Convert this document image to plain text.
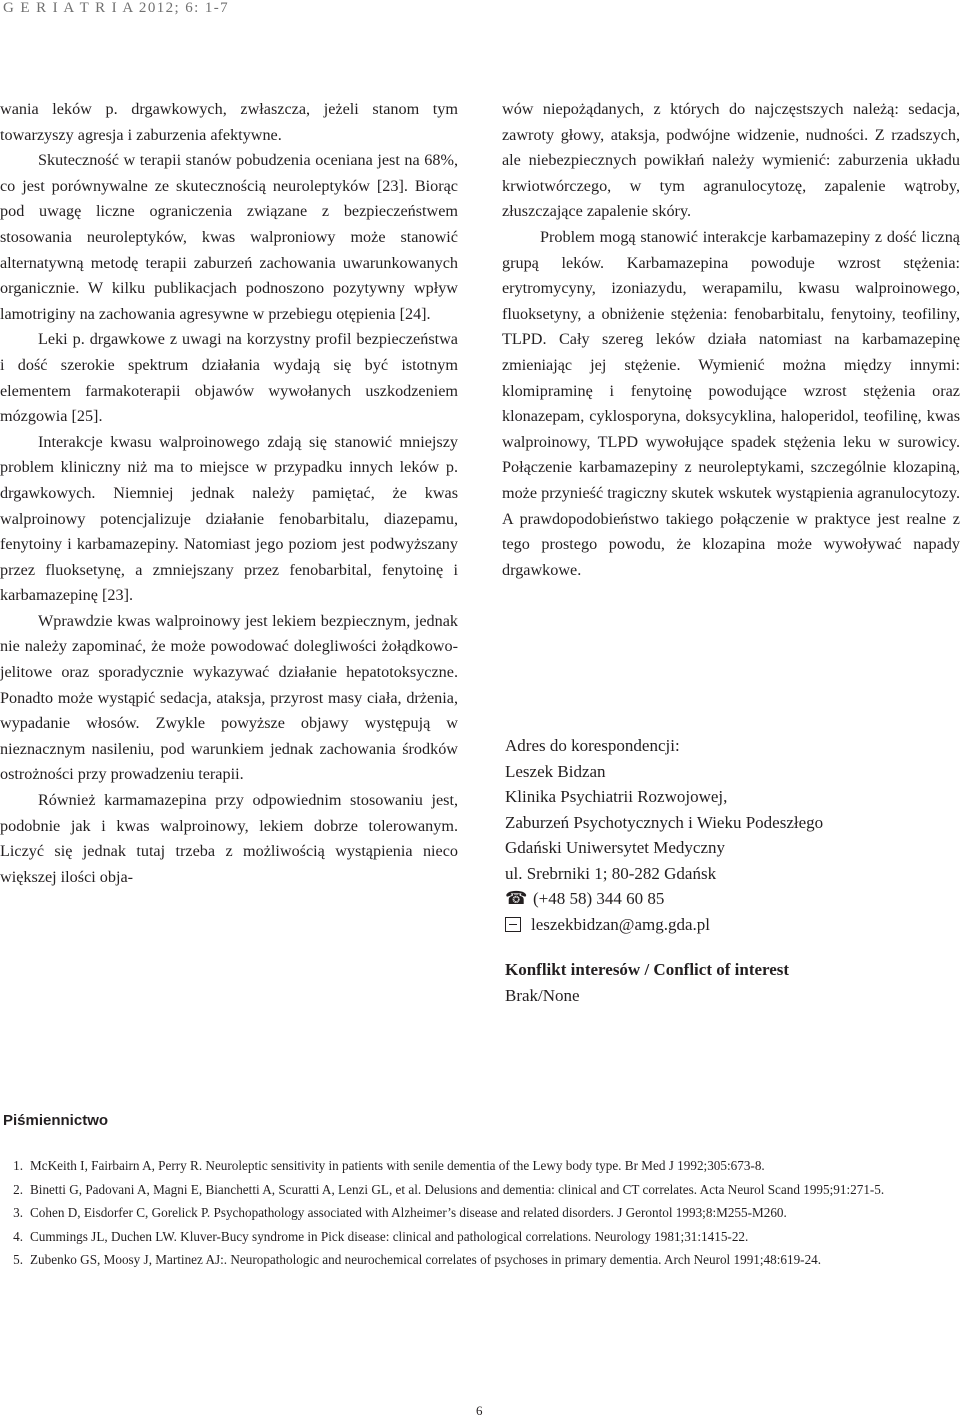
G E R I A T R I A 2012; 6: 1-7

wania leków p. drgawkowych, zwłaszcza, jeżeli stanom tym towarzyszy agresja i zaburzenia afektywne.

Skuteczność w terapii stanów pobudzenia oceniana jest na 68%, co jest porównywalne ze skutecznością neuroleptyków [23]. Biorąc pod uwagę liczne ograniczenia związane z bezpieczeństwem stosowania neuroleptyków, kwas walproniowy może stanowić alternatywną metodę terapii zaburzeń zachowania uwarunkowanych organicznie. W kilku publikacjach podnoszono pozytywny wpływ lamotriginy na zachowania agresywne w przebiegu otępienia [24].

Leki p. drgawkowe z uwagi na korzystny profil bezpieczeństwa i dość szerokie spektrum działania wydają się być istotnym elementem farmakoterapii objawów wywołanych uszkodzeniem mózgowia [25].

Interakcje kwasu walproinowego zdają się stanowić mniejszy problem kliniczny niż ma to miejsce w przypadku innych leków p. drgawkowych. Niemniej jednak należy pamiętać, że kwas walproinowy potencjalizuje działanie fenobarbitalu, diazepamu, fenytoiny i karbamazepiny. Natomiast jego poziom jest podwyższany przez fluoksetynę, a zmniejszany przez fenobarbital, fenytoinę i karbamazepinę [23].

Wprawdzie kwas walproinowy jest lekiem bezpiecznym, jednak nie należy zapominać, że może powodować dolegliwości żołądkowo-jelitowe oraz sporadycznie wykazywać działanie hepatotoksyczne. Ponadto może wystąpić sedacja, ataksja, przyrost masy ciała, drżenia, wypadanie włosów. Zwykle powyższe objawy występują w nieznacznym nasileniu, pod warunkiem jednak zachowania środków ostrożności przy prowadzeniu terapii.

Również karmamazepina przy odpowiednim stosowaniu jest, podobnie jak i kwas walproinowy, lekiem dobrze tolerowanym. Liczyć się jednak tutaj trzeba z możliwością wystąpienia nieco większej ilości obja-

wów niepożądanych, z których do najczęstszych należą: sedacja, zawroty głowy, ataksja, podwójne widzenie, nudności. Z rzadszych, ale niebezpiecznych powikłań należy wymienić: zaburzenia układu krwiotwórczego, w tym agranulocytozę, zapalenie wątroby, złuszczające zapalenie skóry.

Problem mogą stanowić interakcje karbamazepiny z dość liczną grupą leków. Karbamazepina powoduje wzrost stężenia: erytromycyny, izoniazydu, werapamilu, kwasu walproinowego, fluoksetyny, a obniżenie stężenia: fenobarbitalu, fenytoiny, teofiliny, TLPD. Cały szereg leków działa natomiast na karbamazepinę zmieniając jej stężenie. Wymienić można między innymi: klomipraminę i fenytoinę powodujące wzrost stężenia oraz klonazepam, cyklosporyna, doksycyklina, haloperidol, teofilinę, kwas walproinowy, TLPD wywołujące spadek stężenia leku w surowicy. Połączenie karbamazepiny z neuroleptykami, szczególnie klozapiną, może przynieść tragiczny skutek wskutek wystąpienia agranulocytozy. A prawdopodobieństwo takiego połączenie w praktyce jest realne z tego prostego powodu, że klozapina może wywoływać napady drgawkowe.

Adres do korespondencji:
Leszek Bidzan
Klinika Psychiatrii Rozwojowej,
Zaburzeń Psychotycznych i Wieku Podeszłego
Gdański Uniwersytet Medyczny
ul. Srebrniki 1; 80-282 Gdańsk
☎ (+48 58) 344 60 85
leszekbidzan@amg.gda.pl
Konflikt interesów / Conflict of interest
Brak/None
Piśmiennictwo
1. McKeith I, Fairbairn A, Perry R. Neuroleptic sensitivity in patients with senile dementia of the Lewy body type. Br Med J 1992;305:673-8.
2. Binetti G, Padovani A, Magni E, Bianchetti A, Scuratti A, Lenzi GL, et al. Delusions and dementia: clinical and CT correlates. Acta Neurol Scand 1995;91:271-5.
3. Cohen D, Eisdorfer C, Gorelick P. Psychopathology associated with Alzheimer’s disease and related disorders. J Gerontol 1993;8:M255-M260.
4. Cummings JL, Duchen LW. Kluver-Bucy syndrome in Pick disease: clinical and pathological correlations. Neurology 1981;31:1415-22.
5. Zubenko GS, Moosy J, Martinez AJ:. Neuropathologic and neurochemical correlates of psychoses in primary dementia. Arch Neurol 1991;48:619-24.
6
